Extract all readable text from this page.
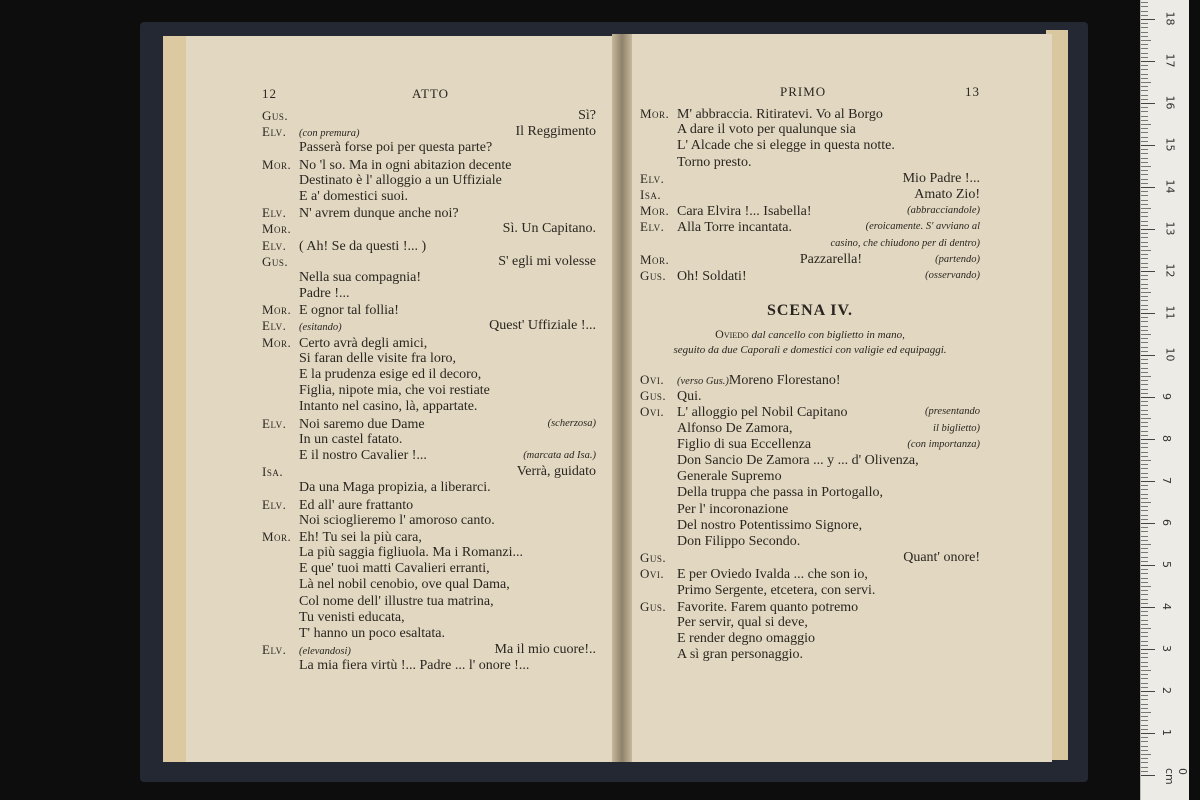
12	ATTO
Gus.	Sì?
Elv. (con premura)	Il Reggimento
Passerà forse poi per questa parte?
Mor. No 'l so. Ma in ogni abitazion decente
Destinato è l' alloggio a un Uffiziale
E a' domestici suoi.
Elv. N' avrem dunque anche noi?
Mor.	Sì. Un Capitano.
Elv. ( Ah! Se da questi !... )
Gus.	S' egli mi volesse
Nella sua compagnia!
Padre !...
Mor. E ognor tal follia!
Elv. (esitando)	Quest' Uffiziale !...
Mor. Certo avrà degli amici,
Si faran delle visite fra loro,
E la prudenza esige ed il decoro,
Figlia, nipote mia, che voi restiate
Intanto nel casino, là, appartate.
Elv. Noi saremo due Dame	(scherzosa)
In un castel fatato.
E il nostro Cavalier !...	(marcata ad Isa.)
Isa.	Verrà, guidato
Da una Maga propizia, a liberarci.
Elv. Ed all' aure frattanto
Noi scioglieremo l' amoroso canto.
Mor. Eh! Tu sei la più cara,
La più saggia figliuola. Ma i Romanzi...
E que' tuoi matti Cavalieri erranti,
Là nel nobil cenobio, ove qual Dama,
Col nome dell' illustre tua matrina,
Tu venisti educata,
T' hanno un poco esaltata.
Elv. (elevandosi)	Ma il mio cuore!..
La mia fiera virtù !... Padre ... l' onore !...
PRIMO	13
Mor. M' abbraccia. Ritiratevi. Vo al Borgo
A dare il voto per qualunque sia
L' Alcade che si elegge in questa notte.
Torno presto.
Elv.	Mio Padre !...
Isa.	Amato Zio!
Mor. Cara Elvira !... Isabella!	(abbracciandole)
Elv. Alla Torre incantata.	(eroicamente. S' avviano al
casino, che chiudono per di dentro)
Mor.	Pazzarella!	(partendo)
Gus. Oh! Soldati!	(osservando)
SCENA IV.
Oviedo dal cancello con biglietto in mano,
seguito da due Caporali e domestici con valigie ed equipaggi.
Ovi. (verso Gus.)Moreno Florestano!
Gus. Qui.
Ovi. L' alloggio pel Nobil Capitano	(presentando
Alfonso De Zamora,	il biglietto)
Figlio di sua Eccellenza	(con importanza)
Don Sancio De Zamora ... y ... d' Olivenza,
Generale Supremo
Della truppa che passa in Portogallo,
Per l' incoronazione
Del nostro Potentissimo Signore,
Don Filippo Secondo.
Gus.	Quant' onore!
Ovi. E per Oviedo Ivalda ... che son io,
Primo Sergente, etcetera, con servi.
Gus. Favorite. Farem quanto potremo
Per servir, qual si deve,
E render degno omaggio
A sì gran personaggio.
0 cm
1
2
3
4
5
6
7
8
9
10
11
12
13
14
15
16
17
18
